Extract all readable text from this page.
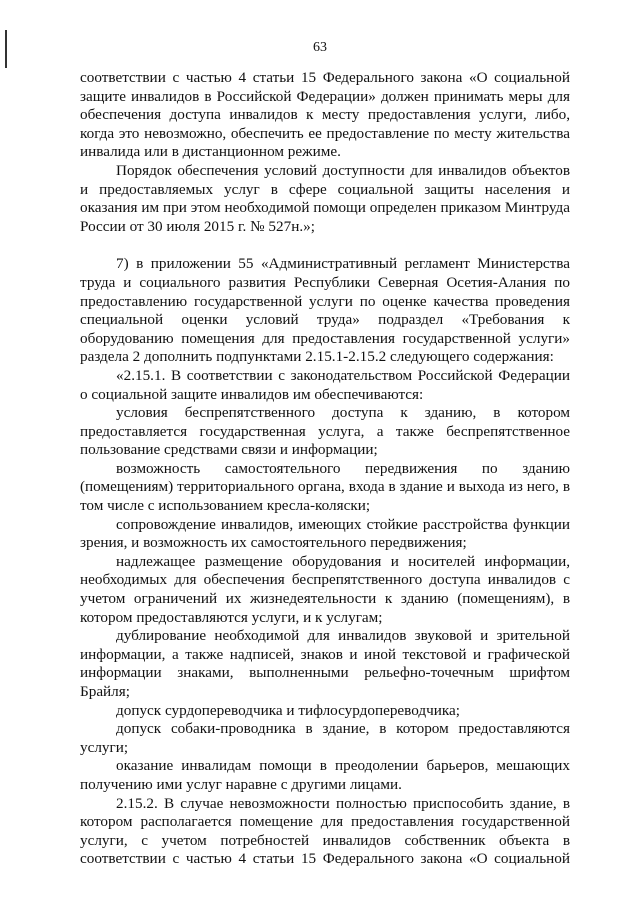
63

соответствии с частью 4 статьи 15 Федерального закона «О социальной защите инвалидов в Российской Федерации» должен принимать меры для обеспечения доступа инвалидов к месту предоставления услуги, либо, когда это невозможно, обеспечить ее предоставление по месту жительства инвалида или в дистанционном режиме.

Порядок обеспечения условий доступности для инвалидов объектов и предоставляемых услуг в сфере социальной защиты населения и оказания им при этом необходимой помощи определен приказом Минтруда России от 30 июля 2015 г. № 527н.»;

7) в приложении 55 «Административный регламент Министерства труда и социального развития Республики Северная Осетия-Алания по предоставлению государственной услуги по оценке качества проведения специальной оценки условий труда» подраздел «Требования к оборудованию помещения для предоставления государственной услуги» раздела 2 дополнить подпунктами 2.15.1-2.15.2 следующего содержания:

«2.15.1. В соответствии с законодательством Российской Федерации о социальной защите инвалидов им обеспечиваются:

условия беспрепятственного доступа к зданию, в котором предоставляется государственная услуга, а также беспрепятственное пользование средствами связи и информации;

возможность самостоятельного передвижения по зданию (помещениям) территориального органа, входа в здание и выхода из него, в том числе с использованием кресла-коляски;

сопровождение инвалидов, имеющих стойкие расстройства функции зрения, и возможность их самостоятельного передвижения;

надлежащее размещение оборудования и носителей информации, необходимых для обеспечения беспрепятственного доступа инвалидов с учетом ограничений их жизнедеятельности к зданию (помещениям), в котором предоставляются услуги, и к услугам;

дублирование необходимой для инвалидов звуковой и зрительной информации, а также надписей, знаков и иной текстовой и графической информации знаками, выполненными рельефно-точечным шрифтом Брайля;

допуск сурдопереводчика и тифлосурдопереводчика;

допуск собаки-проводника в здание, в котором предоставляются услуги;

оказание инвалидам помощи в преодолении барьеров, мешающих получению ими услуг наравне с другими лицами.

2.15.2. В случае невозможности полностью приспособить здание, в котором располагается помещение для предоставления государственной услуги, с учетом потребностей инвалидов собственник объекта в соответствии с частью 4 статьи 15 Федерального закона «О социальной
